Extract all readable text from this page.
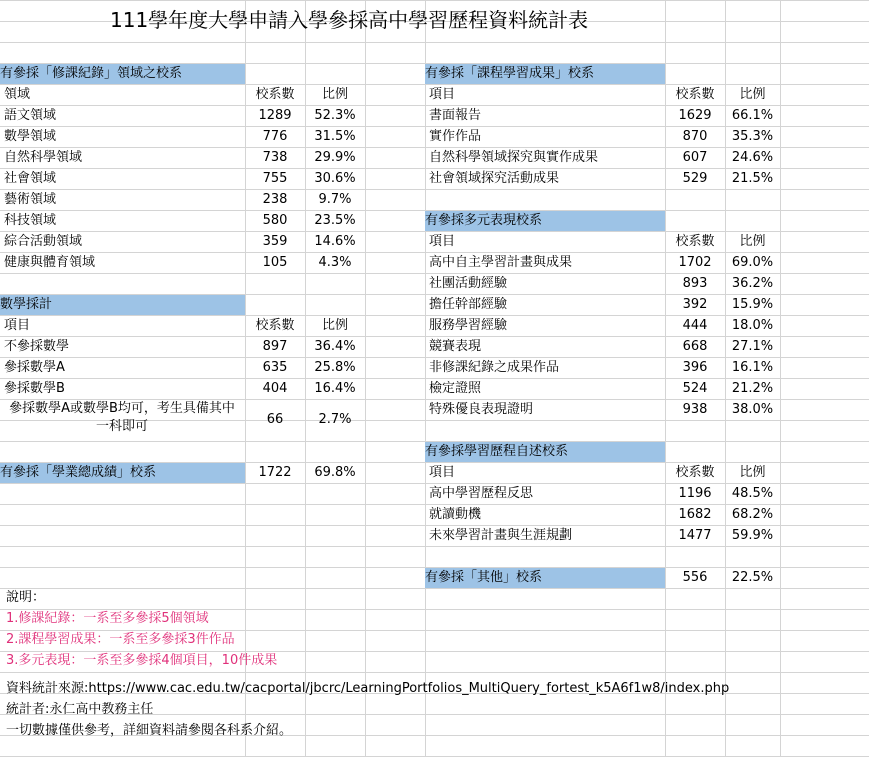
111學年度大學申請入學參採高中學習歷程資料統計表
有參採「修課紀錄」領域之校系
領域	校系數	比例
語文領域	1289	52.3%
數學領域	776	31.5%
自然科學領域	738	29.9%
社會領域	755	30.6%
藝術領域	238	9.7%
科技領域	580	23.5%
綜合活動領域	359	14.6%
健康與體育領域	105	4.3%
數學採計
項目	校系數	比例
不參採數學	897	36.4%
參採數學A	635	25.8%
參採數學B	404	16.4%
參採數學A或數學B均可，考生具備其中一科即可	66	2.7%
有參採「學業總成績」校系	1722	69.8%
有參採「課程學習成果」校系
項目	校系數	比例
書面報告	1629	66.1%
實作作品	870	35.3%
自然科學領域探究與實作成果	607	24.6%
社會領域探究活動成果	529	21.5%
有參採多元表現校系
項目	校系數	比例
高中自主學習計畫與成果	1702	69.0%
社團活動經驗	893	36.2%
擔任幹部經驗	392	15.9%
服務學習經驗	444	18.0%
競賽表現	668	27.1%
非修課紀錄之成果作品	396	16.1%
檢定證照	524	21.2%
特殊優良表現證明	938	38.0%
有參採學習歷程自述校系
項目	校系數	比例
高中學習歷程反思	1196	48.5%
就讀動機	1682	68.2%
未來學習計畫與生涯規劃	1477	59.9%
有參採「其他」校系	556	22.5%
說明：
1.修課紀錄：一系至多參採5個領域
2.課程學習成果：一系至多參採3件作品
3.多元表現：一系至多參採4個項目，10件成果
資料統計來源:https://www.cac.edu.tw/cacportal/jbcrc/LearningPortfolios_MultiQuery_fortest_k5A6f1w8/index.php
統計者:永仁高中教務主任
一切數據僅供參考，詳細資料請參閱各科系介紹。
